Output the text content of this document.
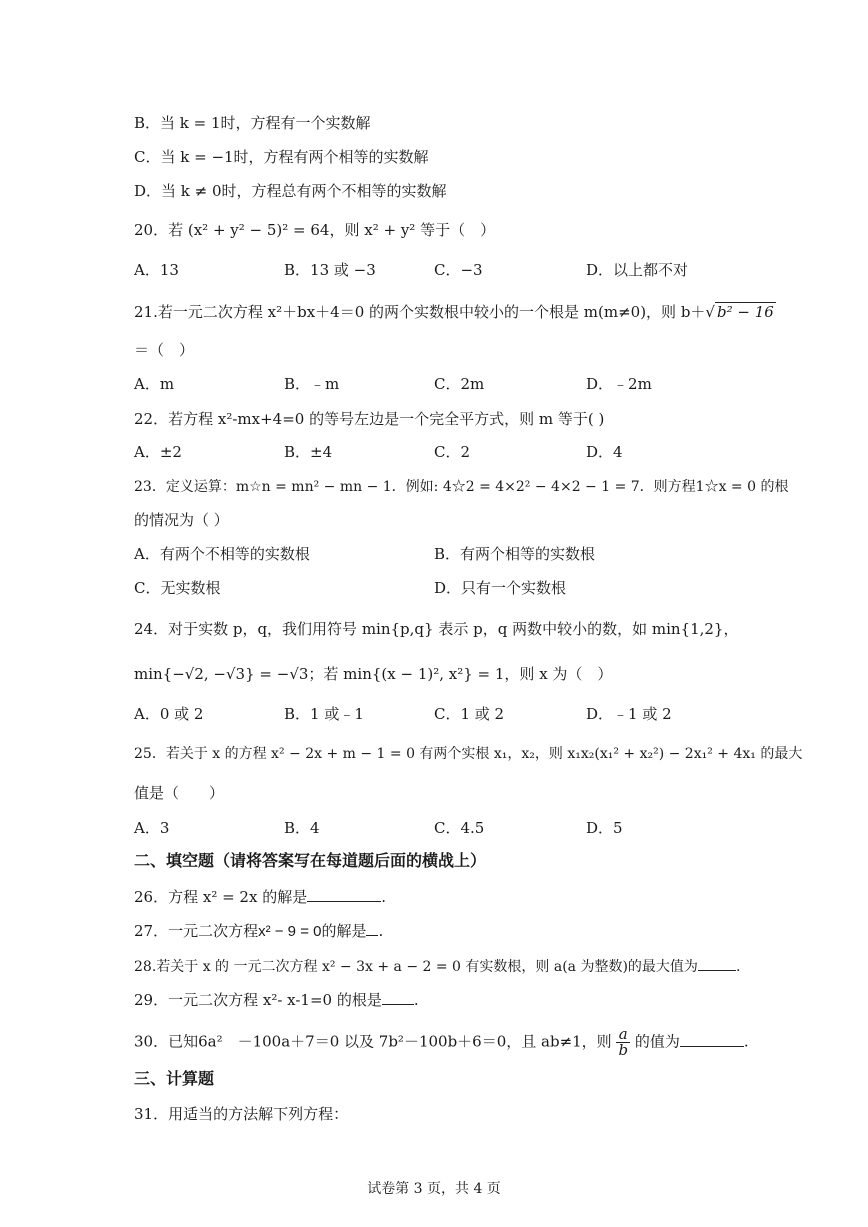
B．当 k = 1时，方程有一个实数解
C．当 k = −1时，方程有两个相等的实数解
D．当 k ≠ 0时，方程总有两个不相等的实数解
20．若 (x² + y² − 5)² = 64，则 x² + y² 等于（　）
A．13	B．13 或 −3	C．−3	D．以上都不对
21.若一元二次方程 x²＋bx＋4＝0 的两个实数根中较小的一个根是 m(m≠0)，则 b＋√ b² − 16
＝（　）
A．m	B．﹣m	C．2m	D．﹣2m
22．若方程 x²-mx+4=0 的等号左边是一个完全平方式，则 m 等于( )
A．±2	B．±4	C．2	D．4
23．定义运算：m☆n = mn² − mn − 1．例如: 4☆2 = 4×2² − 4×2 − 1 = 7．则方程1☆x = 0 的根
的情况为（ ）
A．有两个不相等的实数根	B．有两个相等的实数根
C．无实数根	D．只有一个实数根
24．对于实数 p，q，我们用符号 min{p,q} 表示 p，q 两数中较小的数，如 min{1,2}，
min{−√2, −√3} = −√3；若 min{(x − 1)², x²} = 1，则 x 为（　）
A．0 或 2	B．1 或﹣1	C．1 或 2	D．﹣1 或 2
25．若关于 x 的方程 x² − 2x + m − 1 = 0 有两个实根 x₁，x₂，则 x₁x₂(x₁² + x₂²) − 2x₁² + 4x₁ 的最大
值是（　　）
A．3	B．4	C．4.5	D．5
二、填空题（请将答案写在每道题后面的横战上）
26．方程 x² = 2x 的解是	.
27．一元二次方程x² − 9 = 0的解是 .
28.若关于 x 的 一元二次方程 x² − 3x + a − 2 = 0 有实数根，则 a(a 为整数)的最大值为	.
29．一元二次方程 x²- x-1=0 的根是 .
30．已知6a²　－100a＋7＝0 以及 7b²－100b＋6＝0，且 ab≠1，则 $\frac{a}{b}$ 的值为	.
三、计算题
31．用适当的方法解下列方程：
试卷第 3 页，共 4 页
